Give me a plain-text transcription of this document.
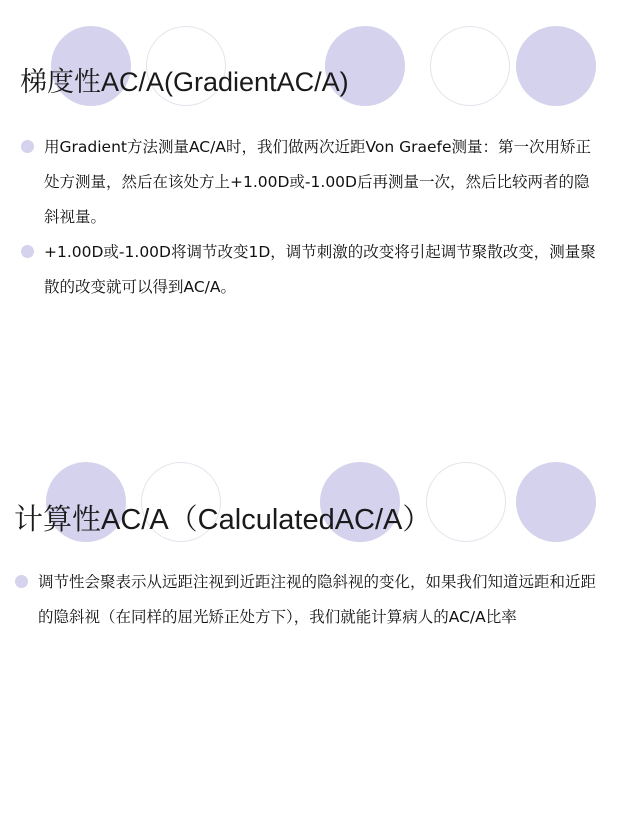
梯度性AC/A(GradientAC/A)
用Gradient方法测量AC/A时，我们做两次近距Von Graefe测量：第一次用矫正处方测量，然后在该处方上+1.00D或-1.00D后再测量一次，然后比较两者的隐斜视量。
+1.00D或-1.00D将调节改变1D，调节刺激的改变将引起调节聚散改变，测量聚散的改变就可以得到AC/A。
计算性AC/A（CalculatedAC/A）
调节性会聚表示从远距注视到近距注视的隐斜视的变化，如果我们知道远距和近距的隐斜视（在同样的屈光矫正处方下），我们就能计算病人的AC/A比率
